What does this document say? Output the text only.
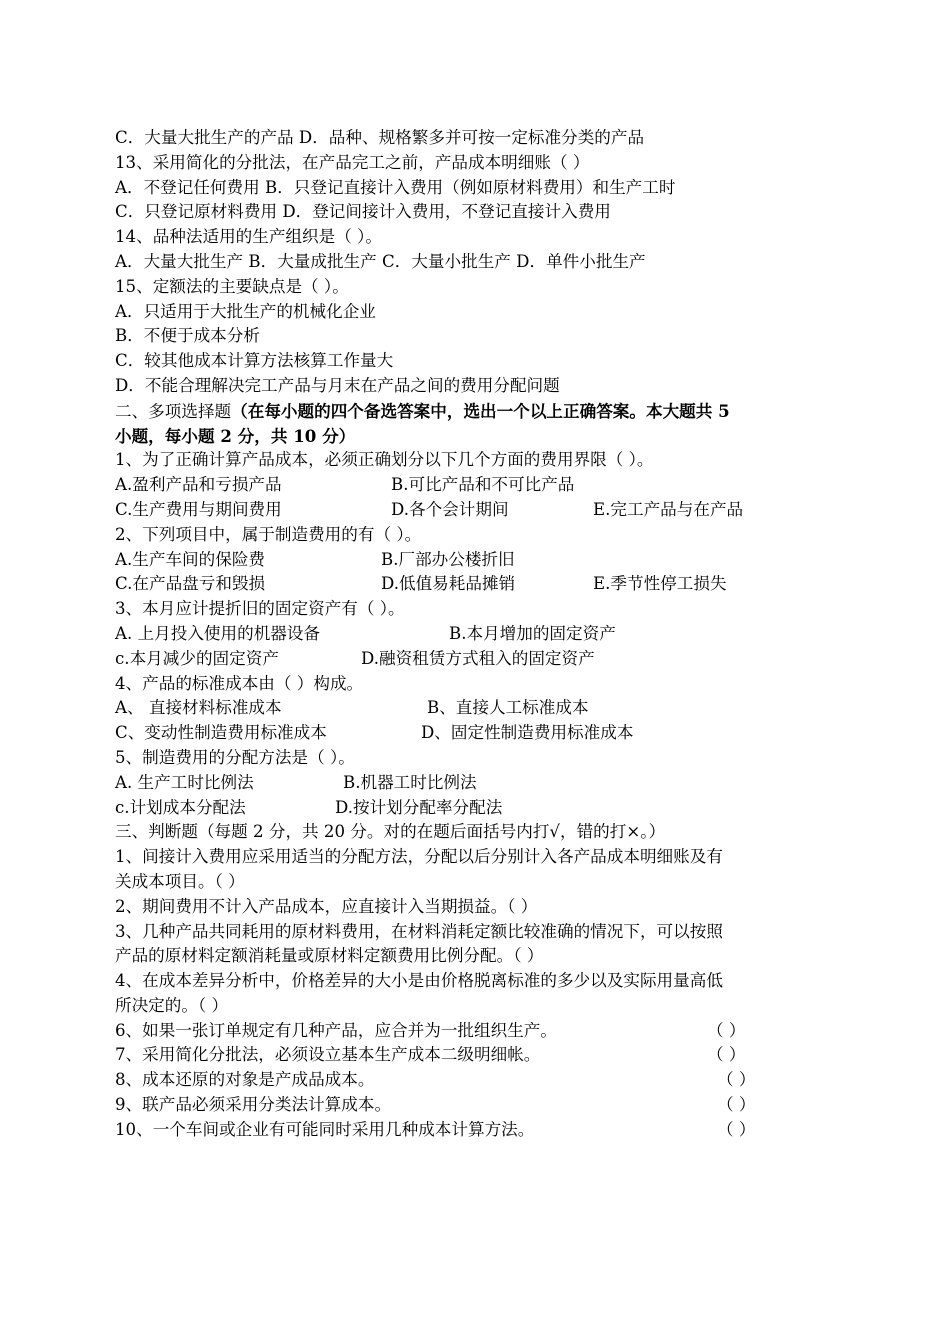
C．大量大批生产的产品 D．品种、规格繁多并可按一定标准分类的产品
13、采用简化的分批法，在产品完工之前，产品成本明细账（ ）
A．不登记任何费用 B．只登记直接计入费用（例如原材料费用）和生产工时
C．只登记原材料费用 D．登记间接计入费用，不登记直接计入费用
14、品种法适用的生产组织是（ ）。
A．大量大批生产 B．大量成批生产 C．大量小批生产 D．单件小批生产
15、定额法的主要缺点是（ ）。
A．只适用于大批生产的机械化企业
B．不便于成本分析
C．较其他成本计算方法核算工作量大
D．不能合理解决完工产品与月末在产品之间的费用分配问题
二、多项选择题（在每小题的四个备选答案中，选出一个以上正确答案。本大题共 5
小题，每小题 2 分，共 10 分）
1、为了正确计算产品成本，必须正确划分以下几个方面的费用界限（ ）。
A.盈利产品和亏损产品	B.可比产品和不可比产品
C.生产费用与期间费用	D.各个会计期间	E.完工产品与在产品
2、下列项目中，属于制造费用的有（ ）。
A.生产车间的保险费	B.厂部办公楼折旧
C.在产品盘亏和毁损	D.低值易耗品摊销	E.季节性停工损失
3、本月应计提折旧的固定资产有（ ）。
A. 上月投入使用的机器设备	B.本月增加的固定资产
c.本月减少的固定资产	D.融资租赁方式租入的固定资产
4、产品的标准成本由（ ）构成。
A、 直接材料标准成本	B、直接人工标准成本
C、变动性制造费用标准成本	D、固定性制造费用标准成本
5、制造费用的分配方法是（ ）。
A. 生产工时比例法	B.机器工时比例法
c.计划成本分配法	D.按计划分配率分配法
三、判断题（每题 2 分，共 20 分。对的在题后面括号内打√，错的打×。）
1、间接计入费用应采用适当的分配方法，分配以后分别计入各产品成本明细账及有
关成本项目。（ ）
2、期间费用不计入产品成本，应直接计入当期损益。（ ）
3、几种产品共同耗用的原材料费用，在材料消耗定额比较准确的情况下，可以按照
产品的原材料定额消耗量或原材料定额费用比例分配。（ ）
4、在成本差异分析中，价格差异的大小是由价格脱离标准的多少以及实际用量高低
所决定的。（ ）
6、如果一张订单规定有几种产品，应合并为一批组织生产。	（ ）
7、采用简化分批法，必须设立基本生产成本二级明细帐。	（ ）
8、成本还原的对象是产成品成本。	（ ）
9、联产品必须采用分类法计算成本。	（ ）
10、一个车间或企业有可能同时采用几种成本计算方法。	（ ）
